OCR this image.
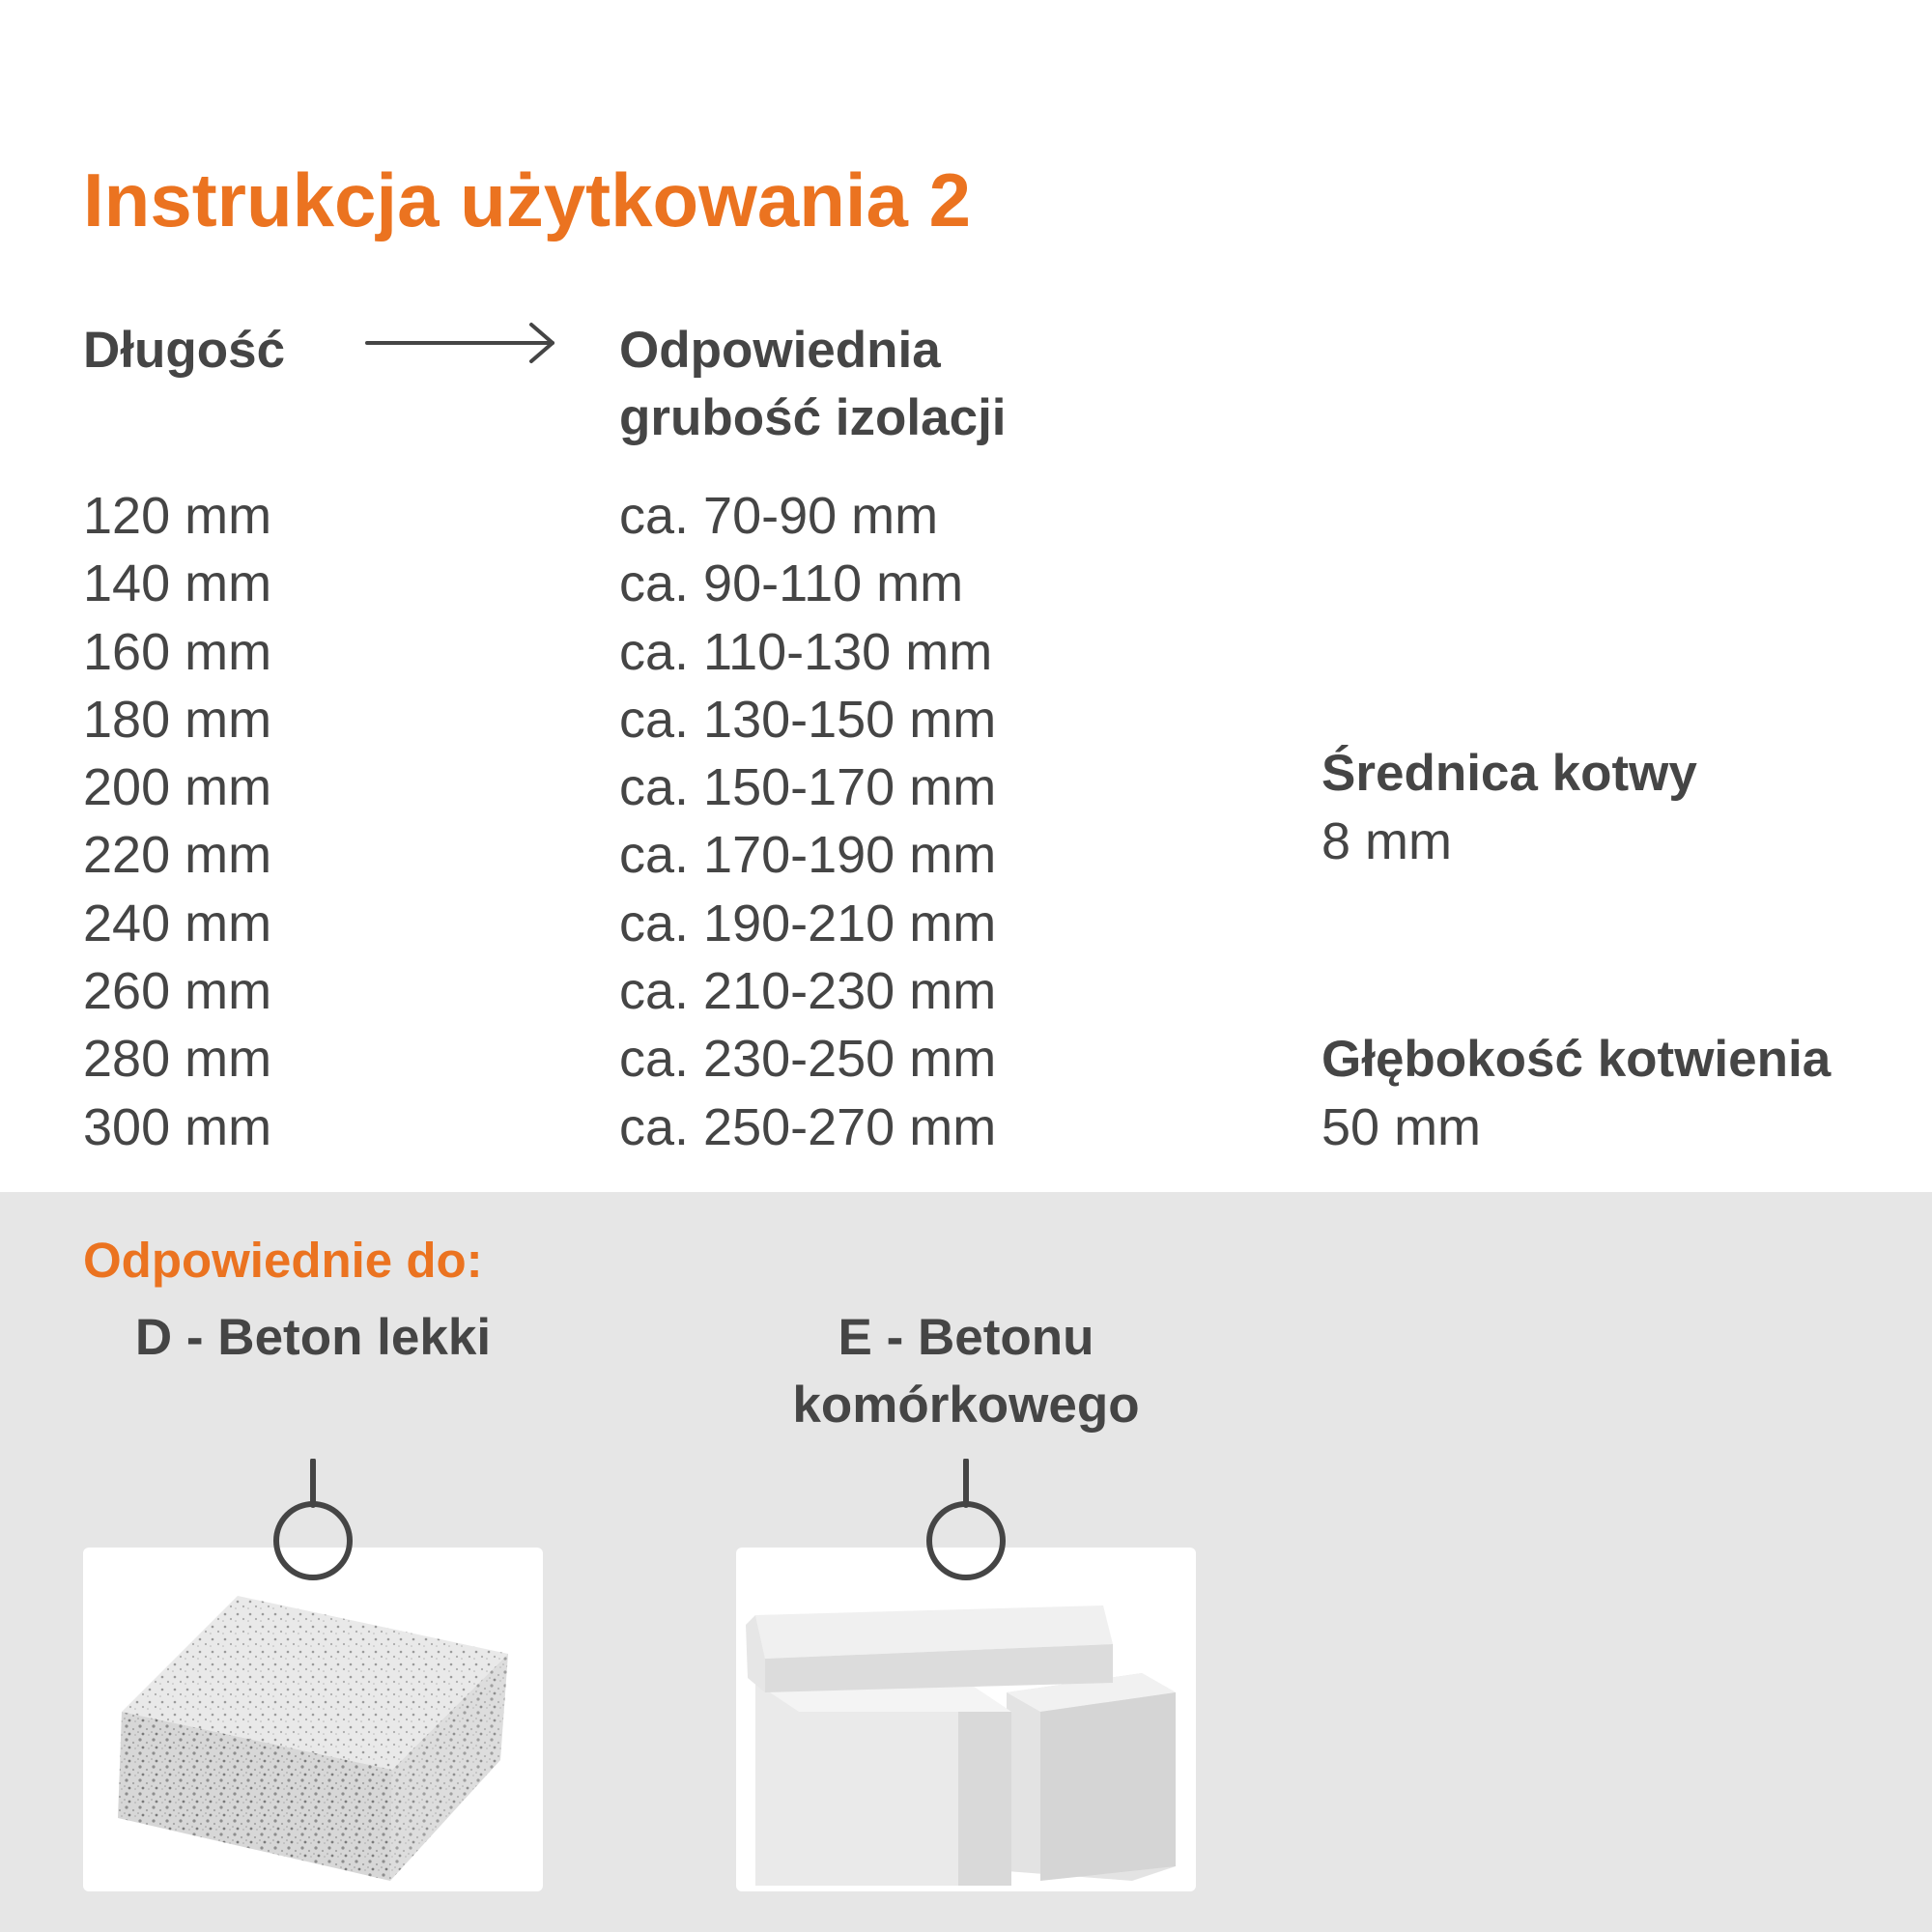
Instrukcja użytkowania 2
Długość	Odpowiednia
grubość izolacji
120 mm
140 mm
160 mm
180 mm
200 mm
220 mm
240 mm
260 mm
280 mm
300 mm
ca. 70-90 mm
ca. 90-110 mm
ca. 110-130 mm
ca. 130-150 mm
ca. 150-170 mm
ca. 170-190 mm
ca. 190-210 mm
ca. 210-230 mm
ca. 230-250 mm
ca. 250-270 mm
Średnica kotwy
8 mm
Głębokość kotwienia
50 mm
Odpowiednie do:
D - Beton lekki	E - Betonu
komórkowego
